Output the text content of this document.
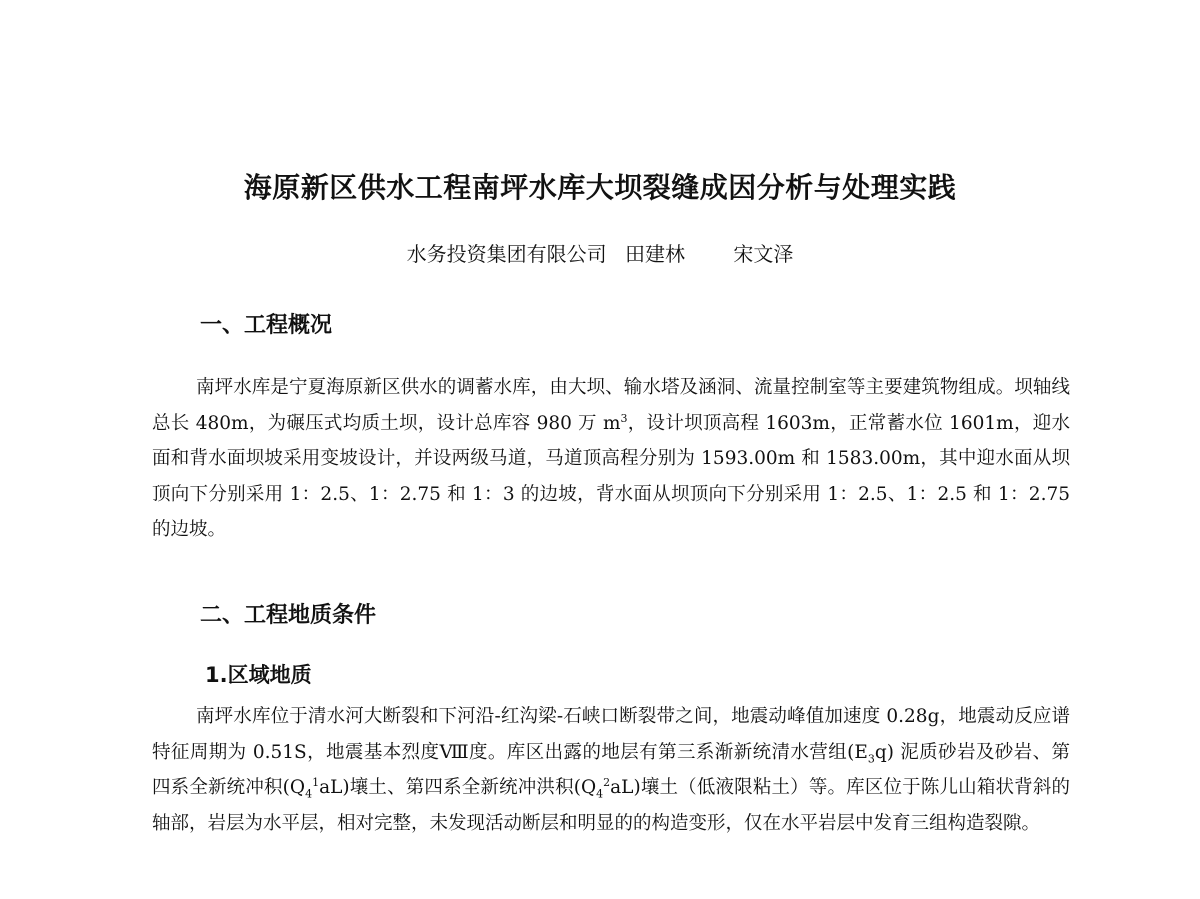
海原新区供水工程南坪水库大坝裂缝成因分析与处理实践
水务投资集团有限公司 田建林 宋文泽
一、工程概况
南坪水库是宁夏海原新区供水的调蓄水库，由大坝、输水塔及涵洞、流量控制室等主要建筑物组成。坝轴线总长 480m，为碾压式均质土坝，设计总库容 980 万 $m^3$，设计坝顶高程 1603m，正常蓄水位 1601m，迎水面和背水面坝坡采用变坡设计，并设两级马道，马道顶高程分别为 1593.00m 和 1583.00m，其中迎水面从坝顶向下分别采用 1：2.5、1：2.75 和 1：3 的边坡，背水面从坝顶向下分别采用 1：2.5、1：2.5 和 1：2.75 的边坡。
二、工程地质条件
1.区域地质
南坪水库位于清水河大断裂和下河沿-红沟梁-石峡口断裂带之间，地震动峰值加速度 0.28g，地震动反应谱特征周期为 0.51S，地震基本烈度Ⅷ度。库区出露的地层有第三系渐新统清水营组$(E_3q)$ 泥质砂岩及砂岩、第四系全新统冲积$(Q_4^1aL)$壤土、第四系全新统冲洪积$(Q_4^2aL)$壤土（低液限粘土）等。库区位于陈儿山箱状背斜的轴部，岩层为水平层，相对完整，未发现活动断层和明显的的构造变形，仅在水平岩层中发育三组构造裂隙。
